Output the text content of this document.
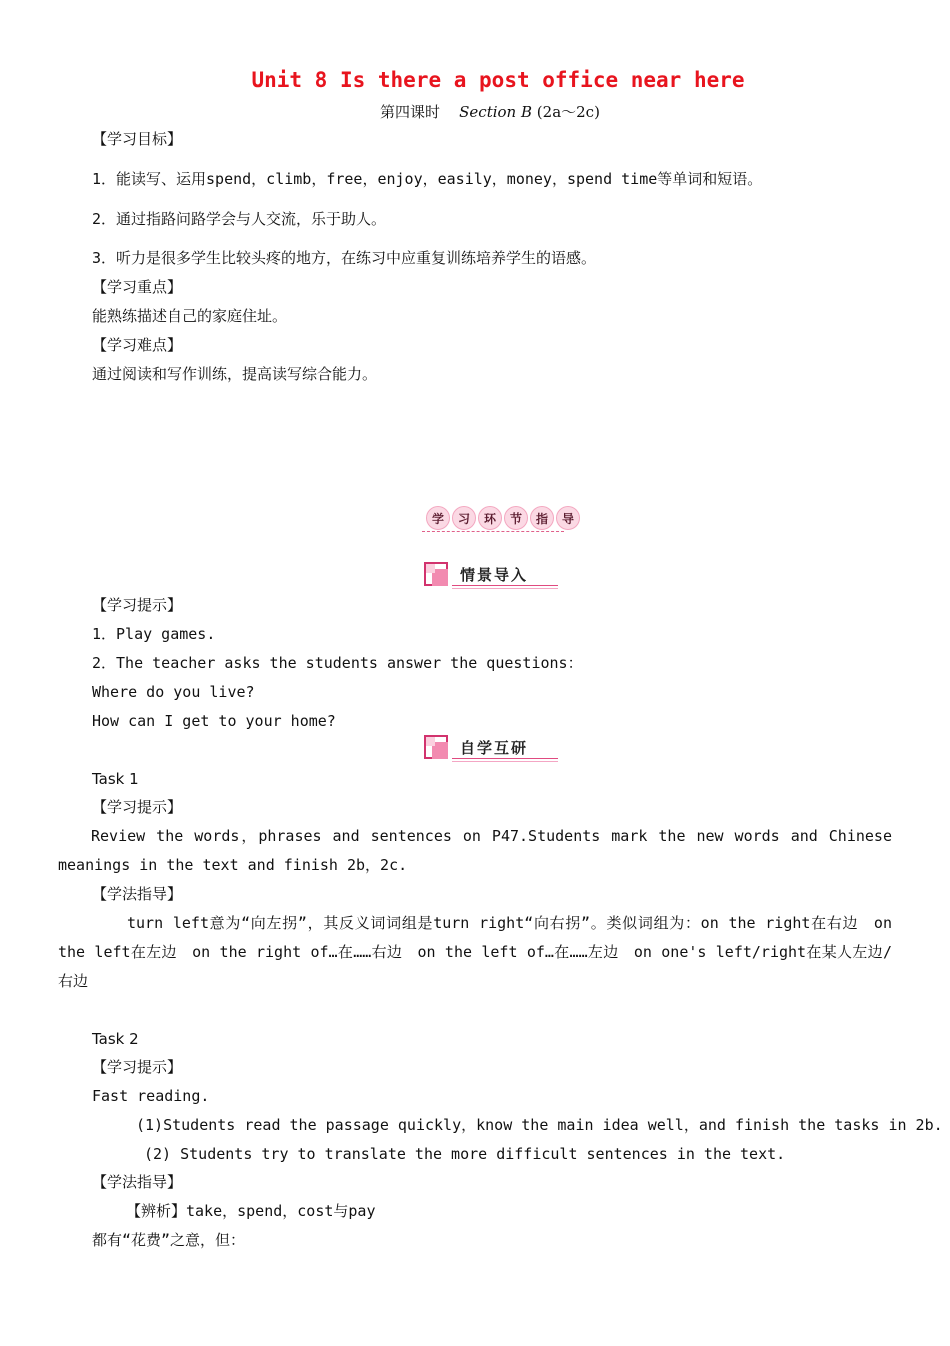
Unit 8 Is there a post office near here
第四课时 Section B (2a～2c)
【学习目标】
1．能读写、运用spend，climb，free，enjoy，easily，money，spend time等单词和短语。
2．通过指路问路学会与人交流，乐于助人。
3．听力是很多学生比较头疼的地方，在练习中应重复训练培养学生的语感。
【学习重点】
能熟练描述自己的家庭住址。
【学习难点】
通过阅读和写作训练，提高读写综合能力。
学	习	环	节	指	导
情景导入
【学习提示】
1．Play games.
2．The teacher asks the students answer the questions：
Where do you live?
How can I get to your home?
自学互研
Task 1
【学习提示】
Review the words，phrases and sentences on P47.Students mark the new words and Chinese meanings in the text and finish 2b，2c.
【学法指导】
turn left意为“向左拐”，其反义词词组是turn right“向右拐”。类似词组为：on the right在右边　on the left在左边　on the right of…在……右边　on the left of…在……左边　on one's left/right在某人左边/右边
Task 2
【学习提示】
Fast reading.
(1)Students read the passage quickly，know the main idea well，and finish the tasks in 2b.
(2) Students try to translate the more difficult sentences in the text.
【学法指导】
【辨析】take，spend，cost与pay
都有“花费”之意，但：
